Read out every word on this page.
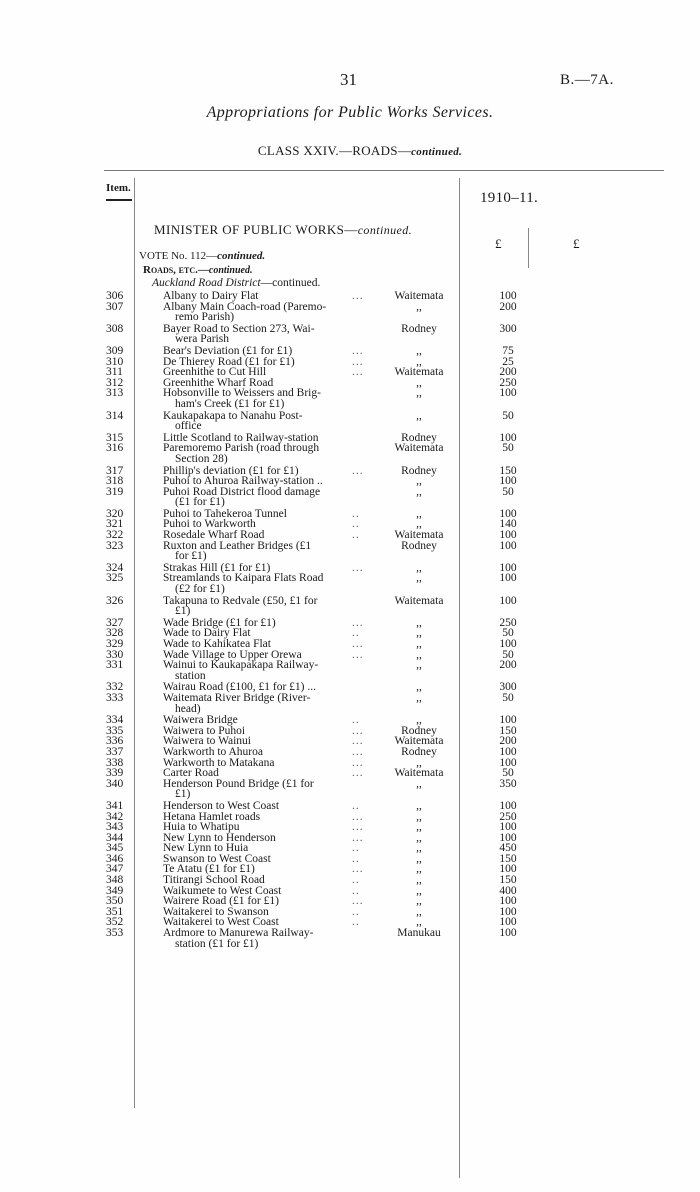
31	B.—7A.
Appropriations for Public Works Services.
CLASS XXIV.—ROADS—continued.
Item.
1910–11.
£	£
MINISTER OF PUBLIC WORKS—continued.
VOTE No. 112—continued.
Roads, etc.—continued.
Auckland Road District—continued.
306	Albany to Dairy Flat	...	Waitemata	100
307	Albany Main Coach-road (Paremo-
remo Parish)
,,	200
308	Bayer Road to Section 273, Wai-
wera Parish
Rodney	300
309	Bear's Deviation (£1 for £1)	...	,,	75
310	De Thierey Road (£1 for £1)	...	,,	25
311	Greenhithe to Cut Hill	...	Waitemata	200
312	Greenhithe Wharf Road	,,	250
313	Hobsonville to Weissers and Brig-
ham's Creek (£1 for £1)
,,	100
314	Kaukapakapa to Nanahu Post-
office
,,	50
315	Little Scotland to Railway-station	Rodney	100
316	Paremoremo Parish (road through
Section 28)
Waitemata	50
317	Phillip's deviation (£1 for £1)	...	Rodney	150
318	Puhoi to Ahuroa Railway-station ..	,,	100
319	Puhoi Road District flood damage
(£1 for £1)
,,	50
320	Puhoi to Tahekeroa Tunnel	..	,,	100
321	Puhoi to Warkworth	..	,,	140
322	Rosedale Wharf Road	..	Waitemata	100
323	Ruxton and Leather Bridges (£1
for £1)
Rodney	100
324	Strakas Hill (£1 for £1)	...	,,	100
325	Streamlands to Kaipara Flats Road
(£2 for £1)
,,	100
326	Takapuna to Redvale (£50, £1 for
£1)
Waitemata	100
327	Wade Bridge (£1 for £1)	...	,,	250
328	Wade to Dairy Flat	..	,,	50
329	Wade to Kahikatea Flat	...	,,	100
330	Wade Village to Upper Orewa	...	,,	50
331	Wainui to Kaukapakapa Railway-
station
,,	200
332	Wairau Road (£100, £1 for £1) ...	,,	300
333	Waitemata River Bridge (River-
head)
,,	50
334	Waiwera Bridge	..	,,	100
335	Waiwera to Puhoi	...	Rodney	150
336	Waiwera to Wainui	...	Waitemata	200
337	Warkworth to Ahuroa	...	Rodney	100
338	Warkworth to Matakana	...	,,	100
339	Carter Road	...	Waitemata	50
340	Henderson Pound Bridge (£1 for
£1)
,,	350
341	Henderson to West Coast	..	,,	100
342	Hetana Hamlet roads	...	,,	250
343	Huia to Whatipu	...	,,	100
344	New Lynn to Henderson	...	,,	100
345	New Lynn to Huia	..	,,	450
346	Swanson to West Coast	..	,,	150
347	Te Atatu (£1 for £1)	...	,,	100
348	Titirangi School Road	..	,,	150
349	Waikumete to West Coast	..	,,	400
350	Wairere Road (£1 for £1)	...	,,	100
351	Waitakerei to Swanson	..	,,	100
352	Waitakerei to West Coast	..	,,	100
353	Ardmore to Manurewa Railway-
station (£1 for £1)
Manukau	100
